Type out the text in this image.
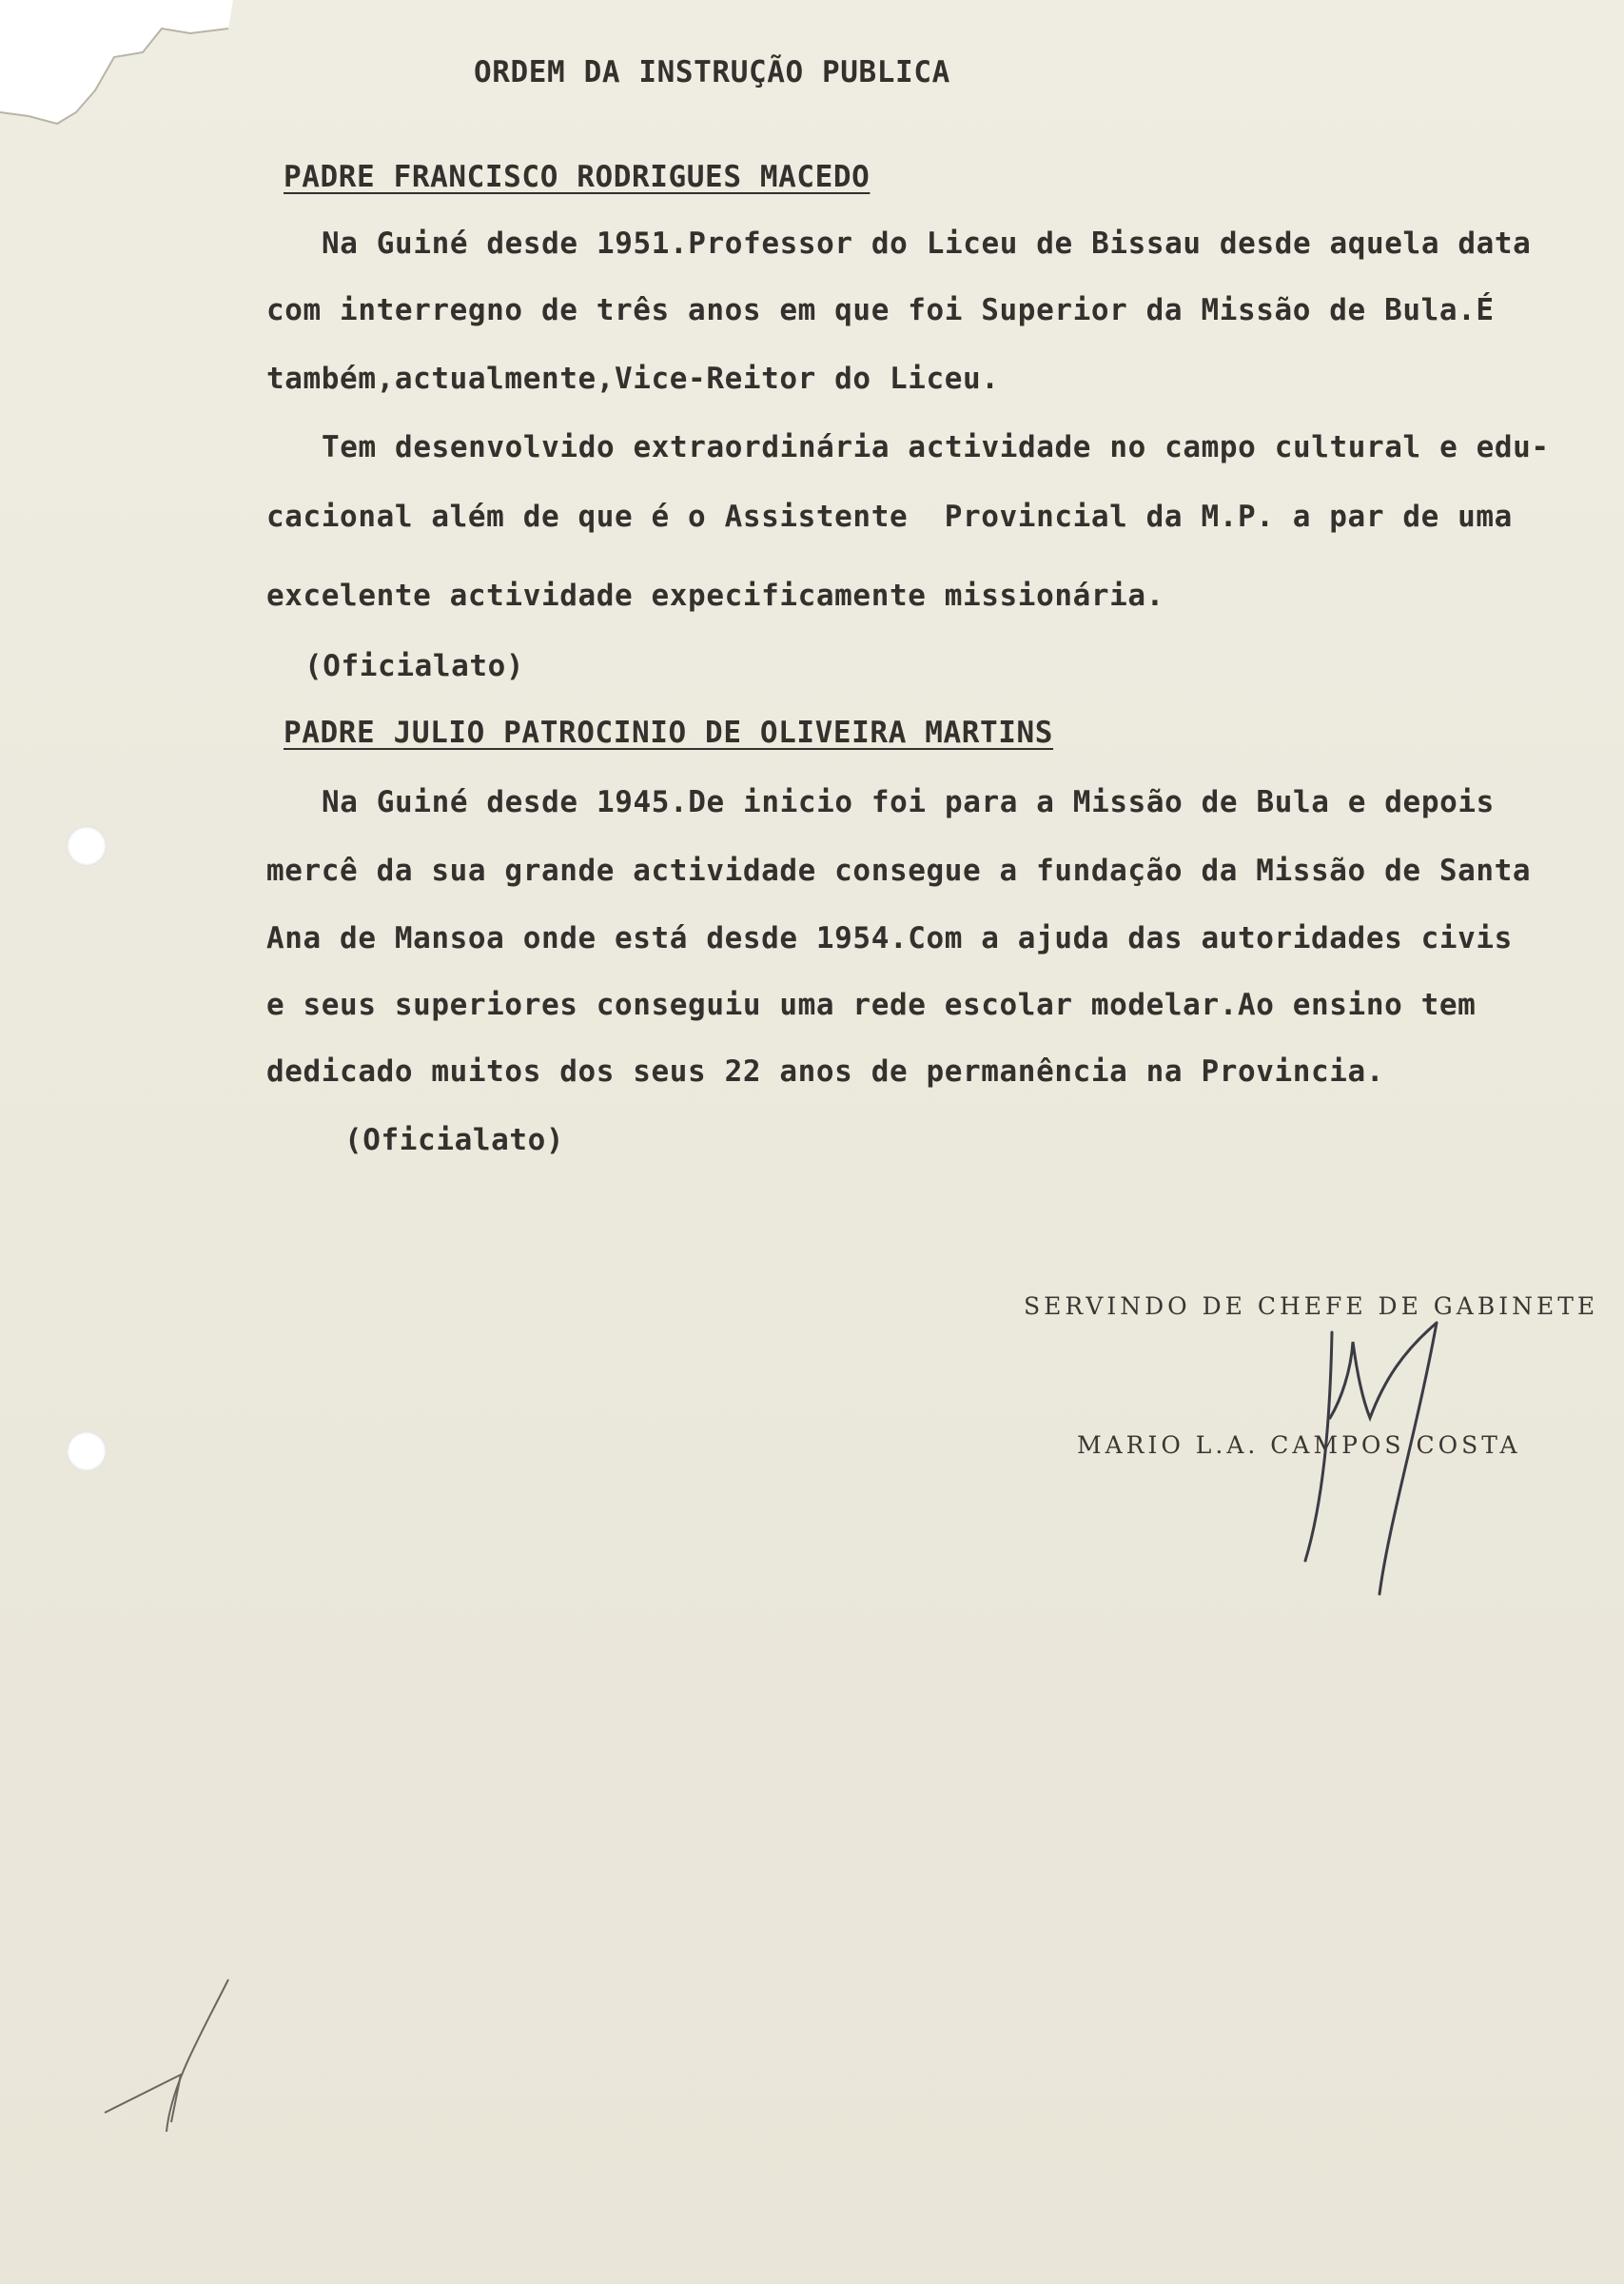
ORDEM DA INSTRUÇÃO PUBLICA
PADRE FRANCISCO RODRIGUES MACEDO
Na Guiné desde 1951.Professor do Liceu de Bissau desde aquela data
com interregno de três anos em que foi Superior da Missão de Bula.É
também,actualmente,Vice-Reitor do Liceu.
Tem desenvolvido extraordinária actividade no campo cultural e edu-
cacional além de que é o Assistente  Provincial da M.P. a par de uma
excelente actividade expecificamente missionária.
(Oficialato)
PADRE JULIO PATROCINIO DE OLIVEIRA MARTINS
Na Guiné desde 1945.De inicio foi para a Missão de Bula e depois
mercê da sua grande actividade consegue a fundação da Missão de Santa
Ana de Mansoa onde está desde 1954.Com a ajuda das autoridades civis
e seus superiores conseguiu uma rede escolar modelar.Ao ensino tem
dedicado muitos dos seus 22 anos de permanência na Provincia.
(Oficialato)
SERVINDO DE CHEFE DE GABINETE
MARIO L.A. CAMPOS COSTA
